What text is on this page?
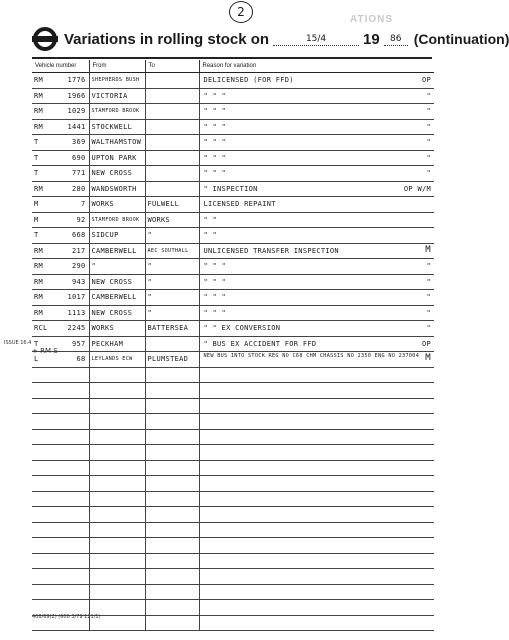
2
ATIONS
Variations in rolling stock on	15/4	19	86 (Continuation)
Vehicle number	From	To	Reason for variation

RM 1776	SHEPHERDS BUSH		DELICENSED (FOR FFD) OP

RM 1966	VICTORIA		" " " "

RM 1029	STAMFORD BROOK		" " " "

RM 1441	STOCKWELL		" " " "

T 369	WALTHAMSTOW		" " " "

T 690	UPTON PARK		" " " "

T 771	NEW CROSS		" " " "

RM 280	WANDSWORTH		" INSPECTION OP W/M

M 7	WORKS	FULWELL	LICENSED REPAINT

M 92	STAMFORD BROOK	WORKS	" "

T 668	SIDCUP	"	" "

RM 217	CAMBERWELL	AEC SOUTHALL	UNLICENSED TRANSFER INSPECTION M

RM 290	"	"	" " " "

RM 943	NEW CROSS	"	" " " "

RM 1017	CAMBERWELL	"	" " " "

RM 1113	NEW CROSS	"	" " " "

RCL 2245	WORKS	BATTERSEA	" " EX CONVERSION "

T 957	PECKHAM		" BUS EX ACCIDENT FOR FFD OP

L 68	LEYLANDS ECW	PLUMSTEAD	NEW BUS INTO STOCK REG NO C68 CHM CHASSIS NO 2350 ENG NO 237004 M

ISSUE 16.4
+ RM S
408/69(2) (600 3/79 121/1)
